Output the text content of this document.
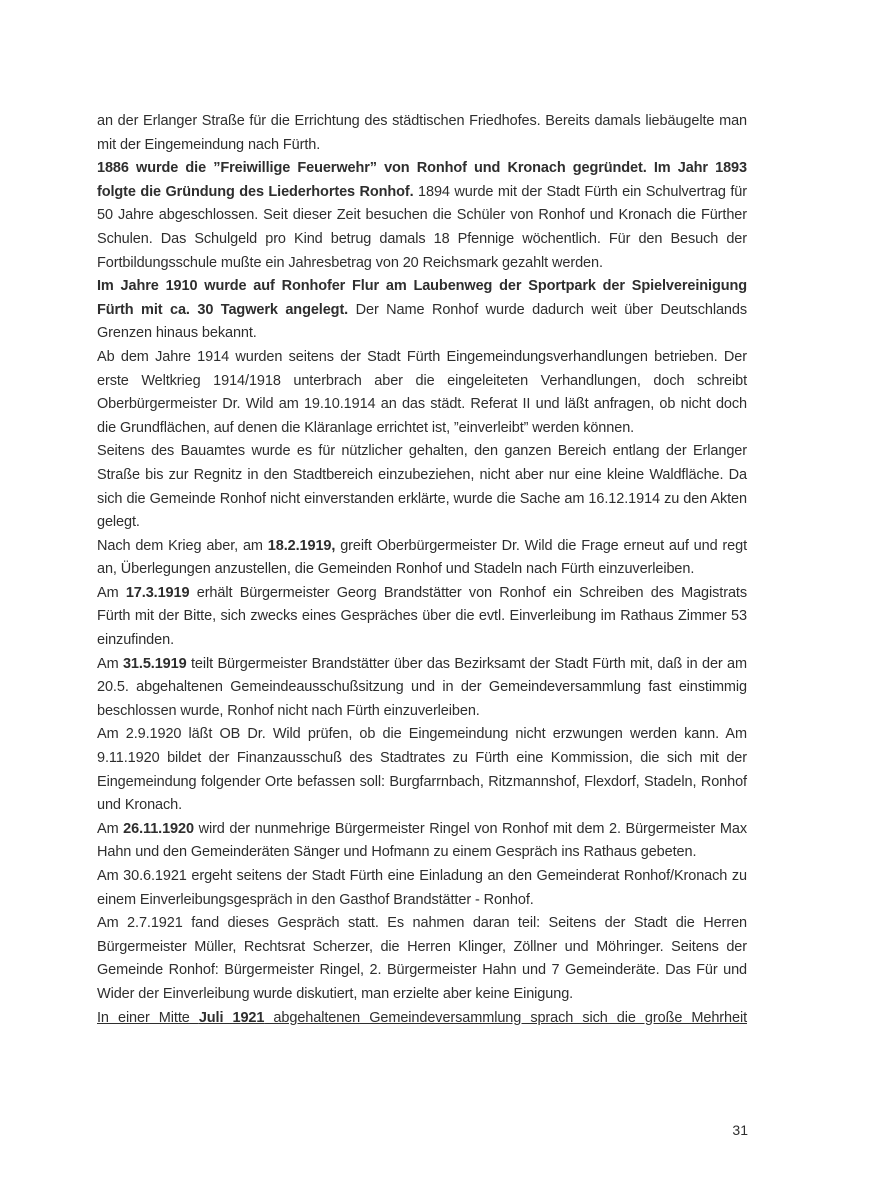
an der Erlanger Straße für die Errichtung des städtischen Friedhofes. Bereits damals liebäugelte man mit der Eingemeindung nach Fürth.

1886 wurde die ”Freiwillige Feuerwehr” von Ronhof und Kronach gegründet. Im Jahr 1893 folgte die Gründung des Liederhortes Ronhof. 1894 wurde mit der Stadt Fürth ein Schulvertrag für 50 Jahre abgeschlossen. Seit dieser Zeit besuchen die Schüler von Ronhof und Kronach die Fürther Schulen. Das Schulgeld pro Kind betrug damals 18 Pfennige wöchentlich. Für den Besuch der Fortbildungsschule mußte ein Jahresbetrag von 20 Reichsmark gezahlt werden.

Im Jahre 1910 wurde auf Ronhofer Flur am Laubenweg der Sportpark der Spielvereinigung Fürth mit ca. 30 Tagwerk angelegt. Der Name Ronhof wurde dadurch weit über Deutschlands Grenzen hinaus bekannt.

Ab dem Jahre 1914 wurden seitens der Stadt Fürth Eingemeindungsverhandlungen betrieben. Der erste Weltkrieg 1914/1918 unterbrach aber die eingeleiteten Verhandlungen, doch schreibt Oberbürgermeister Dr. Wild am 19.10.1914 an das städt. Referat II und läßt anfragen, ob nicht doch die Grundflächen, auf denen die Kläranlage errichtet ist, ”einverleibt” werden können.

Seitens des Bauamtes wurde es für nützlicher gehalten, den ganzen Bereich entlang der Erlanger Straße bis zur Regnitz in den Stadtbereich einzubeziehen, nicht aber nur eine kleine Waldfläche. Da sich die Gemeinde Ronhof nicht einverstanden erklärte, wurde die Sache am 16.12.1914 zu den Akten gelegt.

Nach dem Krieg aber, am 18.2.1919, greift Oberbürgermeister Dr. Wild die Frage erneut auf und regt an, Überlegungen anzustellen, die Gemeinden Ronhof und Stadeln nach Fürth einzuverleiben.

Am 17.3.1919 erhält Bürgermeister Georg Brandstätter von Ronhof ein Schreiben des Magistrats Fürth mit der Bitte, sich zwecks eines Gespräches über die evtl. Einverleibung im Rathaus Zimmer 53 einzufinden.

Am 31.5.1919 teilt Bürgermeister Brandstätter über das Bezirksamt der Stadt Fürth mit, daß in der am 20.5. abgehaltenen Gemeindeausschußsitzung und in der Gemeindeversammlung fast einstimmig beschlossen wurde, Ronhof nicht nach Fürth einzuverleiben.

Am 2.9.1920 läßt OB Dr. Wild prüfen, ob die Eingemeindung nicht erzwungen werden kann. Am 9.11.1920 bildet der Finanzausschuß des Stadtrates zu Fürth eine Kommission, die sich mit der Eingemeindung folgender Orte befassen soll: Burgfarrnbach, Ritzmannshof, Flexdorf, Stadeln, Ronhof und Kronach.

Am 26.11.1920 wird der nunmehrige Bürgermeister Ringel von Ronhof mit dem 2. Bürgermeister Max Hahn und den Gemeinderäten Sänger und Hofmann zu einem Gespräch ins Rathaus gebeten.

Am 30.6.1921 ergeht seitens der Stadt Fürth eine Einladung an den Gemeinderat Ronhof/Kronach zu einem Einverleibungsgespräch in den Gasthof Brandstätter - Ronhof.

Am 2.7.1921 fand dieses Gespräch statt. Es nahmen daran teil: Seitens der Stadt die Herren Bürgermeister Müller, Rechtsrat Scherzer, die Herren Klinger, Zöllner und Möhringer. Seitens der Gemeinde Ronhof: Bürgermeister Ringel, 2. Bürgermeister Hahn und 7 Gemeinderäte. Das Für und Wider der Einverleibung wurde diskutiert, man erzielte aber keine Einigung.

In einer Mitte Juli 1921 abgehaltenen Gemeindeversammlung sprach sich die große Mehrheit

31
